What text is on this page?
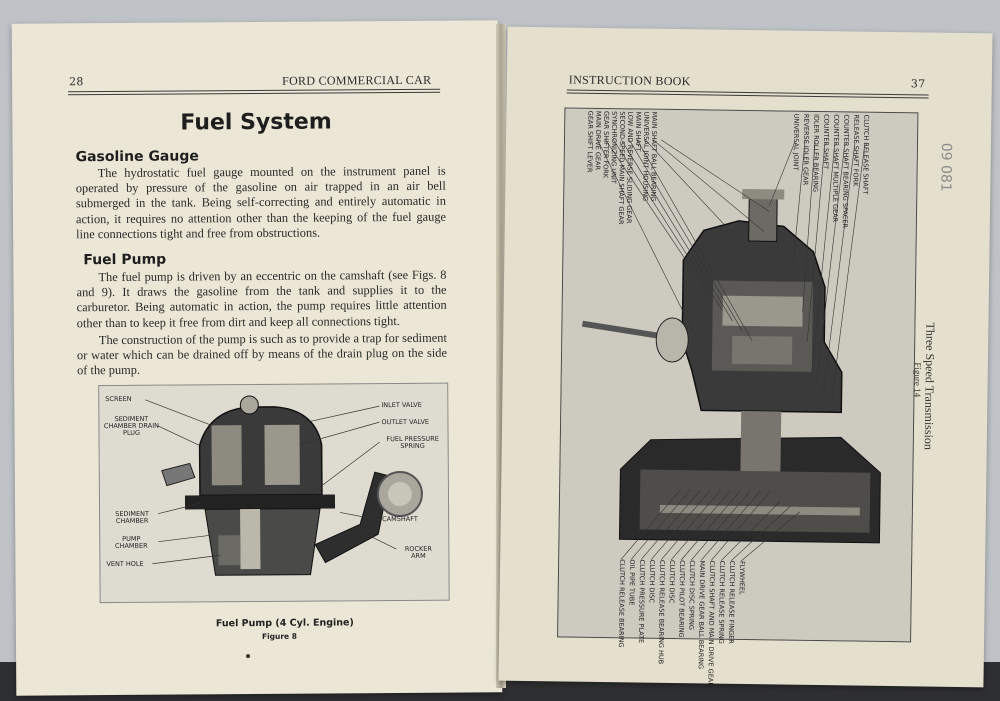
28	FORD COMMERCIAL CAR
Fuel System
Gasoline Gauge
The hydrostatic fuel gauge mounted on the instrument panel is operated by pressure of the gasoline on air trapped in an air bell submerged in the tank. Being self-correcting and entirely automatic in action, it requires no attention other than the keeping of the fuel gauge line connections tight and free from obstructions.
Fuel Pump
The fuel pump is driven by an eccentric on the camshaft (see Figs. 8 and 9). It draws the gasoline from the tank and supplies it to the carburetor. Being automatic in action, the pump requires little attention other than to keep it free from dirt and keep all connections tight.
The construction of the pump is such as to provide a trap for sediment or water which can be drained off by means of the drain plug on the side of the pump.
SCREEN
SEDIMENT CHAMBER DRAIN PLUG
SEDIMENT CHAMBER
PUMP CHAMBER
VENT HOLE
INLET VALVE
OUTLET VALVE
FUEL PRESSURE SPRING
CAMSHAFT
ROCKER ARM
Fuel Pump (4 Cyl. Engine)
Figure 8
INSTRUCTION BOOK	37
GEAR SHIFT LEVER MAIN DRIVE GEAR GEAR SHIFTER FORK
SYNCHRONIZING UNIT
SECOND SPEED MAIN SHAFT GEAR
LOW AND REVERSE SLIDING GEAR MAIN SHAFT
UNIVERSAL JOINT HOUSING
MAIN SHAFT BALL BEARING	UNIVERSAL JOINT REVERSE IDLER GEAR IDLER ROLLER BEARING COUNTER SHAFT COUNTER SHAFT MULTIPLE GEAR COUNTER SHAFT BEARING SPACER RELEASE SHAFT FORK CLUTCH RELEASE SHAFT
CLUTCH RELEASE BEARING OIL PIPE TUBE CLUTCH PRESSURE PLATE CLUTCH DISC CLUTCH RELEASE BEARING HUB CLUTCH DISC CLUTCH PILOT BEARING CLUTCH DISC SPRING MAIN DRIVE GEAR BALL BEARING CLUTCH SHAFT AND MAIN DRIVE GEAR CLUTCH RELEASE SPRING CLUTCH RELEASE FINGER FLYWHEEL
Three Speed Transmission
Figure 14
09 081
